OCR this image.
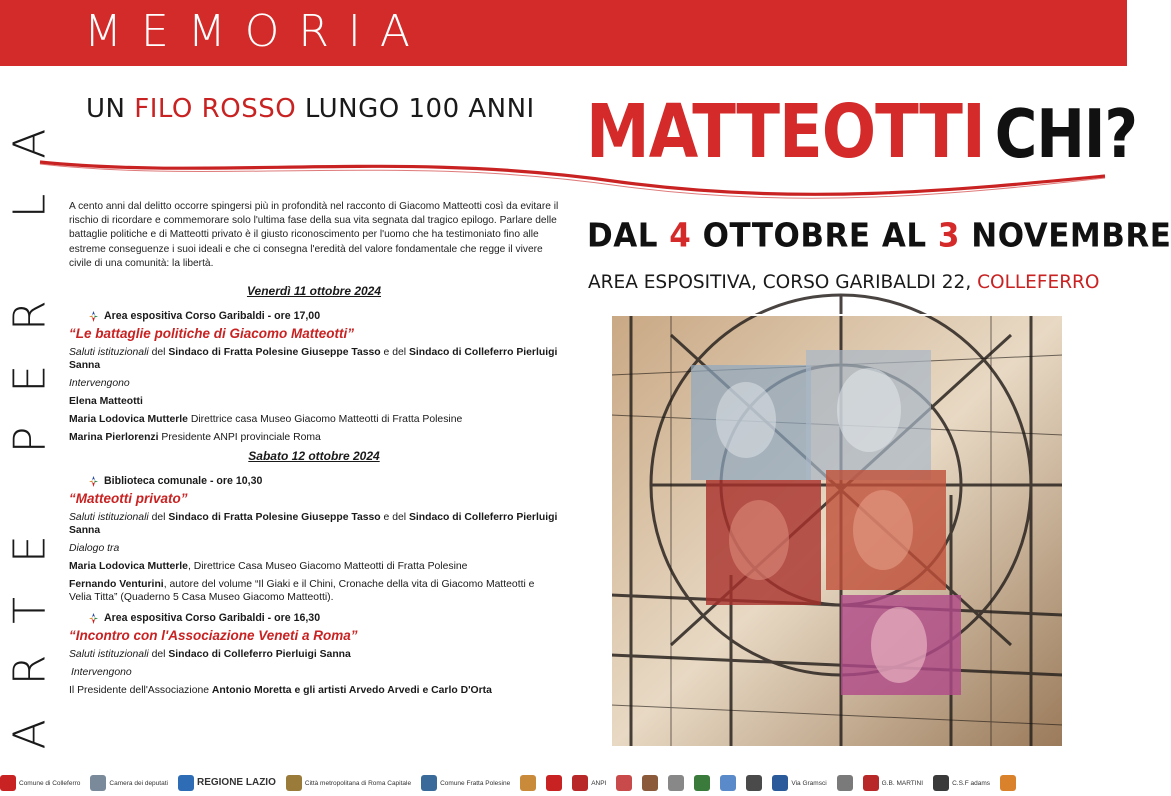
MEMORIA
ARTE PER LA UN FILO ROSSO LUNGO 100 ANNI MATTEOTTI CHI?
DAL 4 OTTOBRE AL 3 NOVEMBRE
AREA ESPOSITIVA, CORSO GARIBALDI 22, COLLEFERRO
A cento anni dal delitto occorre spingersi più in profondità nel racconto di Giacomo Matteotti così da evitare il rischio di ricordare e commemorare solo l'ultima fase della sua vita segnata dal tragico epilogo. Parlare delle battaglie politiche e di Matteotti privato è il giusto riconoscimento per l'uomo che ha testimoniato fino alle estreme conseguenze i suoi ideali e che ci consegna l'eredità del valore fondamentale che regge il vivere civile di una comunità: la libertà.
Venerdì 11 ottobre 2024
Area espositiva Corso Garibaldi - ore 17,00
“Le battaglie politiche di Giacomo Matteotti”
Saluti istituzionali del Sindaco di Fratta Polesine Giuseppe Tasso e del Sindaco di Colleferro Pierluigi Sanna
Intervengono
Elena Matteotti
Maria Lodovica Mutterle Direttrice casa Museo Giacomo Matteotti di Fratta Polesine
Marina Pierlorenzi Presidente ANPI provinciale Roma
Sabato 12 ottobre 2024
Biblioteca comunale - ore 10,30
“Matteotti privato”
Saluti istituzionali del Sindaco di Fratta Polesine Giuseppe Tasso e del Sindaco di Colleferro Pierluigi Sanna
Dialogo tra
Maria Lodovica Mutterle, Direttrice Casa Museo Giacomo Matteotti di Fratta Polesine
Fernando Venturini, autore del volume “Il Giaki e il Chini, Cronache della vita di Giacomo Matteotti e Velia Titta” (Quaderno 5 Casa Museo Giacomo Matteotti).
Area espositiva Corso Garibaldi - ore 16,30
“Incontro con l'Associazione Veneti a Roma”
Saluti istituzionali del Sindaco di Colleferro Pierluigi Sanna
Intervengono
Il Presidente dell'Associazione Antonio Moretta e gli artisti Arvedo Arvedi e Carlo D'Orta
Comune di Colleferro	Camera dei deputati	REGIONE LAZIO	Città metropolitana di Roma Capitale	Comune Fratta Polesine	ANPI	Via Gramsci	G.B. MARTINI	C.S.F adams
